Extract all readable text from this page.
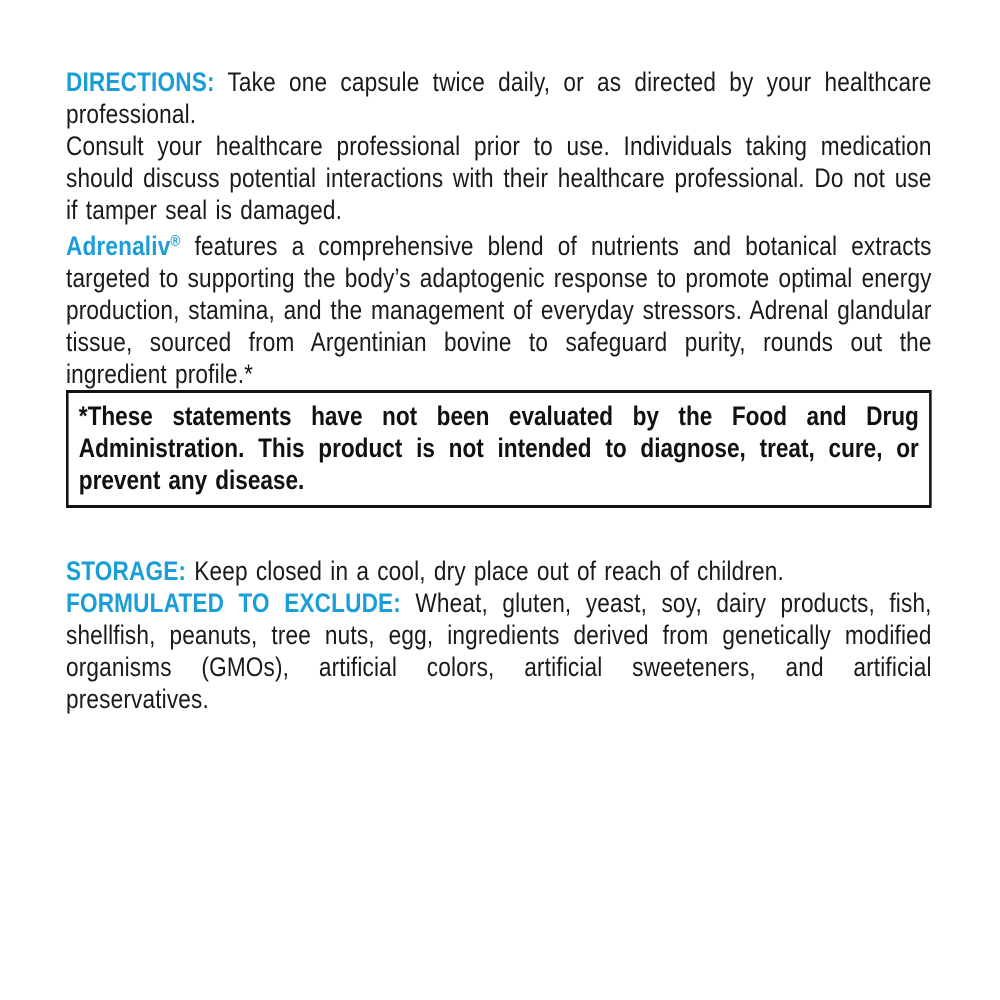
DIRECTIONS: Take one capsule twice daily, or as directed by your healthcare professional.

Consult your healthcare professional prior to use. Individuals taking medication should discuss potential interactions with their healthcare professional. Do not use if tamper seal is damaged.

Adrenaliv® features a comprehensive blend of nutrients and botanical extracts targeted to supporting the body’s adaptogenic response to promote optimal energy production, stamina, and the management of everyday stressors. Adrenal glandular tissue, sourced from Argentinian bovine to safeguard purity, rounds out the ingredient profile.*

*These statements have not been evaluated by the Food and Drug Administration. This product is not intended to diagnose, treat, cure, or prevent any disease.

STORAGE: Keep closed in a cool, dry place out of reach of children.

FORMULATED TO EXCLUDE: Wheat, gluten, yeast, soy, dairy products, fish, shellfish, peanuts, tree nuts, egg, ingredients derived from genetically modified organisms (GMOs), artificial colors, artificial sweeteners, and artificial preservatives.
